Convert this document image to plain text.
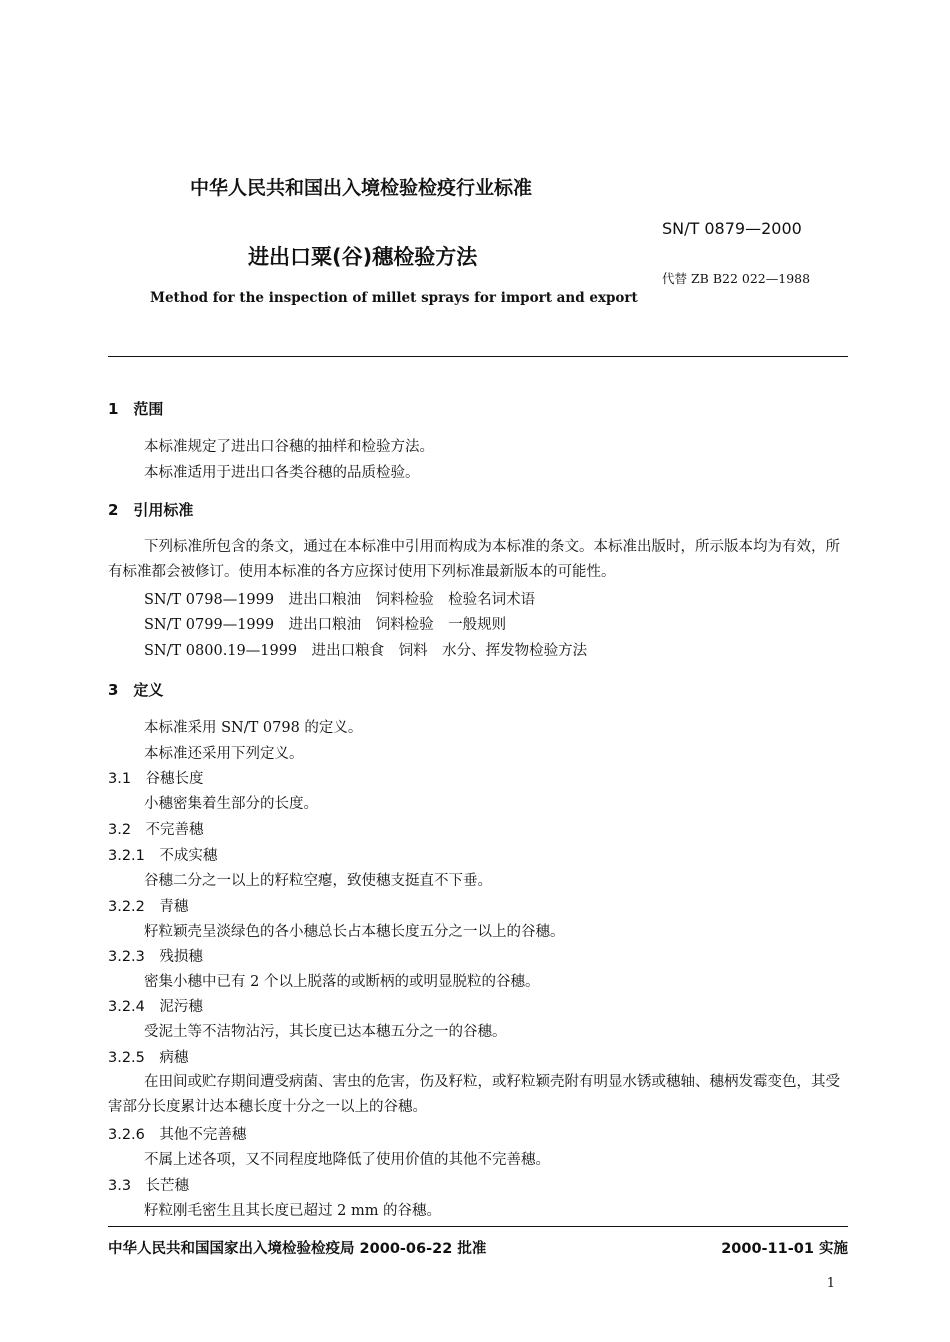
中华人民共和国出入境检验检疫行业标准
SN/T 0879—2000
进出口粟(谷)穗检验方法
代替 ZB B22 022—1988
Method for the inspection of millet sprays for import and export
1　范围
本标准规定了进出口谷穗的抽样和检验方法。
本标准适用于进出口各类谷穗的品质检验。
2　引用标准
下列标准所包含的条文，通过在本标准中引用而构成为本标准的条文。本标准出版时，所示版本均为有效，所有标准都会被修订。使用本标准的各方应探讨使用下列标准最新版本的可能性。
SN/T 0798—1999　进出口粮油　饲料检验　检验名词术语
SN/T 0799—1999　进出口粮油　饲料检验　一般规则
SN/T 0800.19—1999　进出口粮食　饲料　水分、挥发物检验方法
3　定义
本标准采用 SN/T 0798 的定义。
本标准还采用下列定义。
3.1　谷穗长度
小穗密集着生部分的长度。
3.2　不完善穗
3.2.1　不成实穗
谷穗二分之一以上的籽粒空瘪，致使穗支挺直不下垂。
3.2.2　青穗
籽粒颖壳呈淡绿色的各小穗总长占本穗长度五分之一以上的谷穗。
3.2.3　残损穗
密集小穗中已有 2 个以上脱落的或断柄的或明显脱粒的谷穗。
3.2.4　泥污穗
受泥土等不洁物沾污，其长度已达本穗五分之一的谷穗。
3.2.5　病穗
在田间或贮存期间遭受病菌、害虫的危害，伤及籽粒，或籽粒颖壳附有明显水锈或穗轴、穗柄发霉变色，其受害部分长度累计达本穗长度十分之一以上的谷穗。
3.2.6　其他不完善穗
不属上述各项，又不同程度地降低了使用价值的其他不完善穗。
3.3　长芒穗
籽粒刚毛密生且其长度已超过 2 mm 的谷穗。
中华人民共和国国家出入境检验检疫局 2000-06-22 批准	2000-11-01 实施
1
